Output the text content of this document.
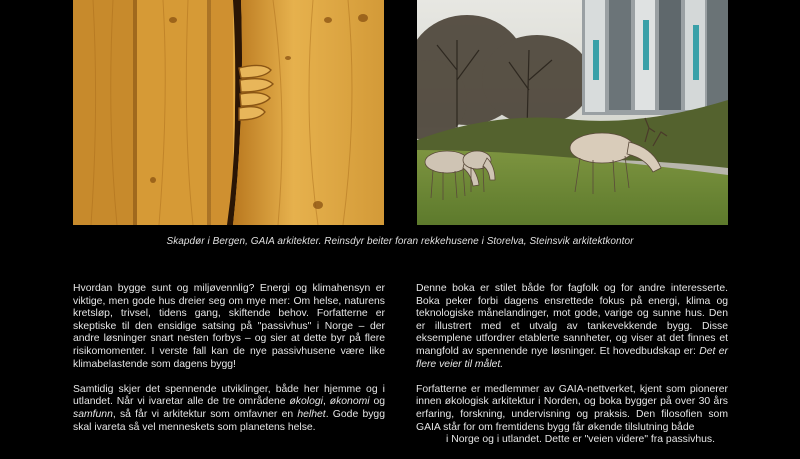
Skapdør i Bergen, GAIA arkitekter. Reinsdyr beiter foran rekkehusene i Storelva, Steinsvik arkitektkontor

Hvordan bygge sunt og miljøvennlig? Energi og klimahensyn er viktige, men gode hus dreier seg om mye mer: Om helse, naturens kretsløp, trivsel, tidens gang, skiftende behov. Forfatterne er skeptiske til den ensidige satsing på "passivhus" i Norge – der andre løsninger snart nesten forbys – og sier at dette byr på flere risikomomenter. I verste fall kan de nye passivhusene være like klimabelastende som dagens bygg!

Samtidig skjer det spennende utviklinger, både her hjemme og i utlandet. Når vi ivaretar alle de tre områdene økologi, økonomi og samfunn, så får vi arkitektur som omfavner en helhet. Gode bygg skal ivareta så vel menneskets som planetens helse.

Denne boka er stilet både for fagfolk og for andre interesserte. Boka peker forbi dagens ensrettede fokus på energi, klima og teknologiske månelandinger, mot gode, varige og sunne hus. Den er illustrert med et utvalg av tankevekkende bygg. Disse eksemplene utfordrer etablerte sannheter, og viser at det finnes et mangfold av spennende nye løsninger. Et hovedbudskap er: Det er flere veier til målet.

Forfatterne er medlemmer av GAIA-nettverket, kjent som pionerer innen økologisk arkitektur i Norden, og boka bygger på over 30 års erfaring, forskning, undervisning og praksis. Den filosofien som GAIA står for om fremtidens bygg får økende tilslutning både

i Norge og i utlandet. Dette er "veien videre" fra passivhus.
